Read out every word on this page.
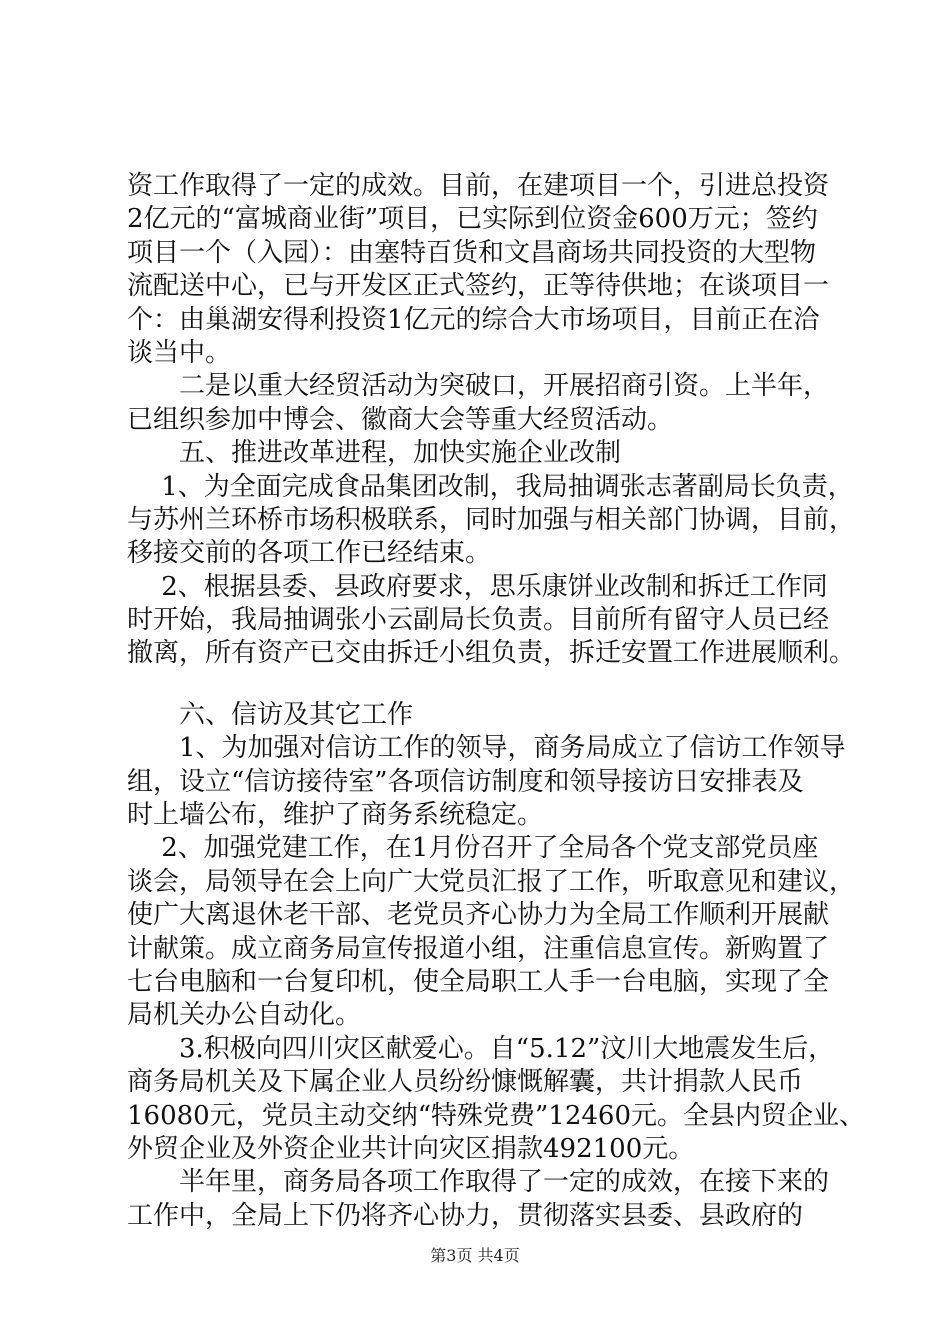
资工作取得了一定的成效。目前，在建项目一个，引进总投资
2亿元的“富城商业街”项目，已实际到位资金600万元；签约
项目一个（入园）：由塞特百货和文昌商场共同投资的大型物
流配送中心，已与开发区正式签约，正等待供地；在谈项目一
个：由巢湖安得利投资1亿元的综合大市场项目，目前正在洽
谈当中。
　　二是以重大经贸活动为突破口，开展招商引资。上半年，
已组织参加中博会、徽商大会等重大经贸活动。
　　五、推进改革进程，加快实施企业改制
　 1、为全面完成食品集团改制，我局抽调张志著副局长负责，
与苏州兰环桥市场积极联系，同时加强与相关部门协调，目前，
移接交前的各项工作已经结束。
　 2、根据县委、县政府要求，思乐康饼业改制和拆迁工作同
时开始，我局抽调张小云副局长负责。目前所有留守人员已经
撤离，所有资产已交由拆迁小组负责，拆迁安置工作进展顺利。
　　六、信访及其它工作
　　1、为加强对信访工作的领导，商务局成立了信访工作领导
组，设立“信访接待室”各项信访制度和领导接访日安排表及
时上墙公布，维护了商务系统稳定。
　 2、加强党建工作，在1月份召开了全局各个党支部党员座
谈会，局领导在会上向广大党员汇报了工作，听取意见和建议，
使广大离退休老干部、老党员齐心协力为全局工作顺利开展献
计献策。成立商务局宣传报道小组，注重信息宣传。新购置了
七台电脑和一台复印机，使全局职工人手一台电脑，实现了全
局机关办公自动化。
　　3.积极向四川灾区献爱心。自“5.12”汶川大地震发生后，
商务局机关及下属企业人员纷纷慷慨解囊，共计捐款人民币
16080元，党员主动交纳“特殊党费”12460元。全县内贸企业、
外贸企业及外资企业共计向灾区捐款492100元。
　　半年里，商务局各项工作取得了一定的成效，在接下来的
工作中，全局上下仍将齐心协力，贯彻落实县委、县政府的
第3页 共4页
